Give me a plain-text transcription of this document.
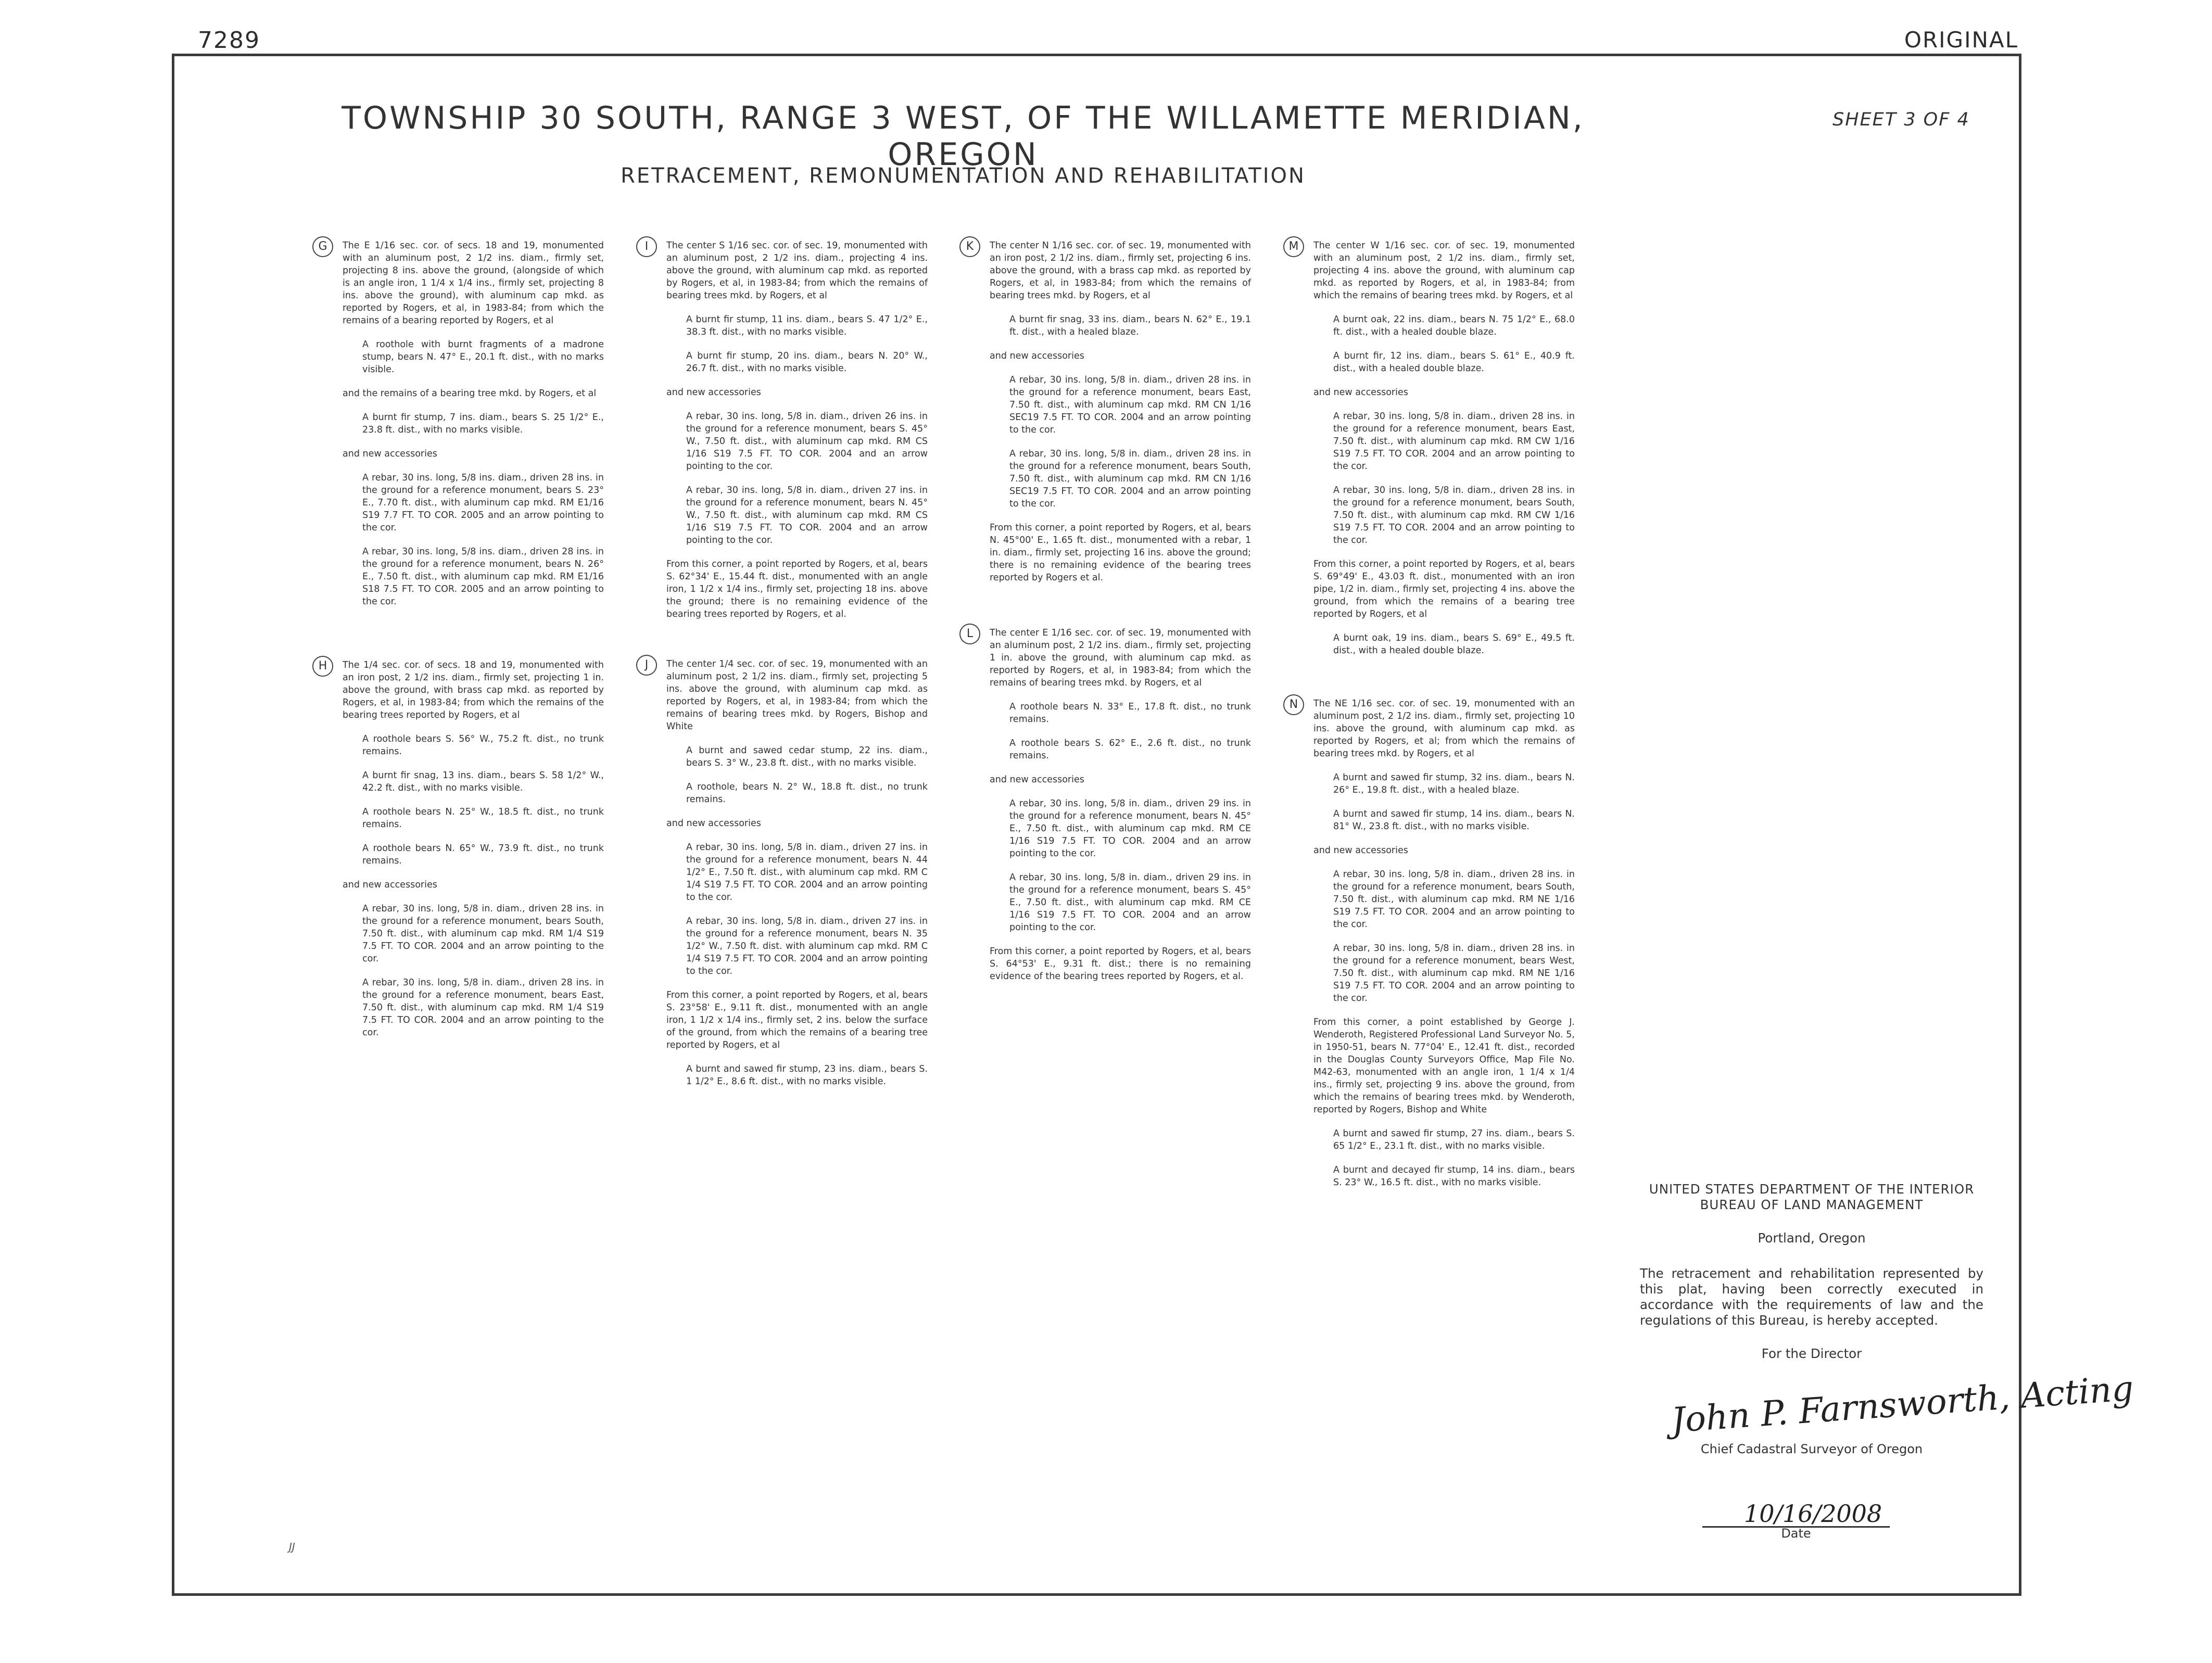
7289	ORIGINAL
TOWNSHIP 30 SOUTH, RANGE 3 WEST, OF THE WILLAMETTE MERIDIAN, OREGON
RETRACEMENT, REMONUMENTATION AND REHABILITATION
SHEET 3 OF 4
G	The E 1/16 sec. cor. of secs. 18 and 19, monumented with an aluminum post, 2 1/2 ins. diam., firmly set, projecting 8 ins. above the ground, (alongside of which is an angle iron, 1 1/4 x 1/4 ins., firmly set, projecting 8 ins. above the ground), with aluminum cap mkd. as reported by Rogers, et al, in 1983-84; from which the remains of a bearing reported by Rogers, et al

A roothole with burnt fragments of a madrone stump, bears N. 47° E., 20.1 ft. dist., with no marks visible.

and the remains of a bearing tree mkd. by Rogers, et al

A burnt fir stump, 7 ins. diam., bears S. 25 1/2° E., 23.8 ft. dist., with no marks visible.

and new accessories

A rebar, 30 ins. long, 5/8 ins. diam., driven 28 ins. in the ground for a reference monument, bears S. 23° E., 7.70 ft. dist., with aluminum cap mkd. RM E1/16 S19 7.7 FT. TO COR. 2005 and an arrow pointing to the cor.

A rebar, 30 ins. long, 5/8 ins. diam., driven 28 ins. in the ground for a reference monument, bears N. 26° E., 7.50 ft. dist., with aluminum cap mkd. RM E1/16 S18 7.5 FT. TO COR. 2005 and an arrow pointing to the cor.

H	The 1/4 sec. cor. of secs. 18 and 19, monumented with an iron post, 2 1/2 ins. diam., firmly set, projecting 1 in. above the ground, with brass cap mkd. as reported by Rogers, et al, in 1983-84; from which the remains of the bearing trees reported by Rogers, et al

A roothole bears S. 56° W., 75.2 ft. dist., no trunk remains.

A burnt fir snag, 13 ins. diam., bears S. 58 1/2° W., 42.2 ft. dist., with no marks visible.

A roothole bears N. 25° W., 18.5 ft. dist., no trunk remains.

A roothole bears N. 65° W., 73.9 ft. dist., no trunk remains.

and new accessories

A rebar, 30 ins. long, 5/8 in. diam., driven 28 ins. in the ground for a reference monument, bears South, 7.50 ft. dist., with aluminum cap mkd. RM 1/4 S19 7.5 FT. TO COR. 2004 and an arrow pointing to the cor.

A rebar, 30 ins. long, 5/8 in. diam., driven 28 ins. in the ground for a reference monument, bears East, 7.50 ft. dist., with aluminum cap mkd. RM 1/4 S19 7.5 FT. TO COR. 2004 and an arrow pointing to the cor.

I	The center S 1/16 sec. cor. of sec. 19, monumented with an aluminum post, 2 1/2 ins. diam., projecting 4 ins. above the ground, with aluminum cap mkd. as reported by Rogers, et al, in 1983-84; from which the remains of bearing trees mkd. by Rogers, et al

A burnt fir stump, 11 ins. diam., bears S. 47 1/2° E., 38.3 ft. dist., with no marks visible.

A burnt fir stump, 20 ins. diam., bears N. 20° W., 26.7 ft. dist., with no marks visible.

and new accessories

A rebar, 30 ins. long, 5/8 in. diam., driven 26 ins. in the ground for a reference monument, bears S. 45° W., 7.50 ft. dist., with aluminum cap mkd. RM CS 1/16 S19 7.5 FT. TO COR. 2004 and an arrow pointing to the cor.

A rebar, 30 ins. long, 5/8 in. diam., driven 27 ins. in the ground for a reference monument, bears N. 45° W., 7.50 ft. dist., with aluminum cap mkd. RM CS 1/16 S19 7.5 FT. TO COR. 2004 and an arrow pointing to the cor.

From this corner, a point reported by Rogers, et al, bears S. 62°34' E., 15.44 ft. dist., monumented with an angle iron, 1 1/2 x 1/4 ins., firmly set, projecting 18 ins. above the ground; there is no remaining evidence of the bearing trees reported by Rogers, et al.

J	The center 1/4 sec. cor. of sec. 19, monumented with an aluminum post, 2 1/2 ins. diam., firmly set, projecting 5 ins. above the ground, with aluminum cap mkd. as reported by Rogers, et al, in 1983-84; from which the remains of bearing trees mkd. by Rogers, Bishop and White

A burnt and sawed cedar stump, 22 ins. diam., bears S. 3° W., 23.8 ft. dist., with no marks visible.

A roothole, bears N. 2° W., 18.8 ft. dist., no trunk remains.

and new accessories

A rebar, 30 ins. long, 5/8 in. diam., driven 27 ins. in the ground for a reference monument, bears N. 44 1/2° E., 7.50 ft. dist., with aluminum cap mkd. RM C 1/4 S19 7.5 FT. TO COR. 2004 and an arrow pointing to the cor.

A rebar, 30 ins. long, 5/8 in. diam., driven 27 ins. in the ground for a reference monument, bears N. 35 1/2° W., 7.50 ft. dist. with aluminum cap mkd. RM C 1/4 S19 7.5 FT. TO COR. 2004 and an arrow pointing to the cor.

From this corner, a point reported by Rogers, et al, bears S. 23°58' E., 9.11 ft. dist., monumented with an angle iron, 1 1/2 x 1/4 ins., firmly set, 2 ins. below the surface of the ground, from which the remains of a bearing tree reported by Rogers, et al

A burnt and sawed fir stump, 23 ins. diam., bears S. 1 1/2° E., 8.6 ft. dist., with no marks visible.

K	The center N 1/16 sec. cor. of sec. 19, monumented with an iron post, 2 1/2 ins. diam., firmly set, projecting 6 ins. above the ground, with a brass cap mkd. as reported by Rogers, et al, in 1983-84; from which the remains of bearing trees mkd. by Rogers, et al

A burnt fir snag, 33 ins. diam., bears N. 62° E., 19.1 ft. dist., with a healed blaze.

and new accessories

A rebar, 30 ins. long, 5/8 in. diam., driven 28 ins. in the ground for a reference monument, bears East, 7.50 ft. dist., with aluminum cap mkd. RM CN 1/16 SEC19 7.5 FT. TO COR. 2004 and an arrow pointing to the cor.

A rebar, 30 ins. long, 5/8 in. diam., driven 28 ins. in the ground for a reference monument, bears South, 7.50 ft. dist., with aluminum cap mkd. RM CN 1/16 SEC19 7.5 FT. TO COR. 2004 and an arrow pointing to the cor.

From this corner, a point reported by Rogers, et al, bears N. 45°00' E., 1.65 ft. dist., monumented with a rebar, 1 in. diam., firmly set, projecting 16 ins. above the ground; there is no remaining evidence of the bearing trees reported by Rogers et al.

L	The center E 1/16 sec. cor. of sec. 19, monumented with an aluminum post, 2 1/2 ins. diam., firmly set, projecting 1 in. above the ground, with aluminum cap mkd. as reported by Rogers, et al, in 1983-84; from which the remains of bearing trees mkd. by Rogers, et al

A roothole bears N. 33° E., 17.8 ft. dist., no trunk remains.

A roothole bears S. 62° E., 2.6 ft. dist., no trunk remains.

and new accessories

A rebar, 30 ins. long, 5/8 in. diam., driven 29 ins. in the ground for a reference monument, bears N. 45° E., 7.50 ft. dist., with aluminum cap mkd. RM CE 1/16 S19 7.5 FT. TO COR. 2004 and an arrow pointing to the cor.

A rebar, 30 ins. long, 5/8 in. diam., driven 29 ins. in the ground for a reference monument, bears S. 45° E., 7.50 ft. dist., with aluminum cap mkd. RM CE 1/16 S19 7.5 FT. TO COR. 2004 and an arrow pointing to the cor.

From this corner, a point reported by Rogers, et al, bears S. 64°53' E., 9.31 ft. dist.; there is no remaining evidence of the bearing trees reported by Rogers, et al.

M	The center W 1/16 sec. cor. of sec. 19, monumented with an aluminum post, 2 1/2 ins. diam., firmly set, projecting 4 ins. above the ground, with aluminum cap mkd. as reported by Rogers, et al, in 1983-84; from which the remains of bearing trees mkd. by Rogers, et al

A burnt oak, 22 ins. diam., bears N. 75 1/2° E., 68.0 ft. dist., with a healed double blaze.

A burnt fir, 12 ins. diam., bears S. 61° E., 40.9 ft. dist., with a healed double blaze.

and new accessories

A rebar, 30 ins. long, 5/8 in. diam., driven 28 ins. in the ground for a reference monument, bears East, 7.50 ft. dist., with aluminum cap mkd. RM CW 1/16 S19 7.5 FT. TO COR. 2004 and an arrow pointing to the cor.

A rebar, 30 ins. long, 5/8 in. diam., driven 28 ins. in the ground for a reference monument, bears South, 7.50 ft. dist., with aluminum cap mkd. RM CW 1/16 S19 7.5 FT. TO COR. 2004 and an arrow pointing to the cor.

From this corner, a point reported by Rogers, et al, bears S. 69°49' E., 43.03 ft. dist., monumented with an iron pipe, 1/2 in. diam., firmly set, projecting 4 ins. above the ground, from which the remains of a bearing tree reported by Rogers, et al

A burnt oak, 19 ins. diam., bears S. 69° E., 49.5 ft. dist., with a healed double blaze.

N	The NE 1/16 sec. cor. of sec. 19, monumented with an aluminum post, 2 1/2 ins. diam., firmly set, projecting 10 ins. above the ground, with aluminum cap mkd. as reported by Rogers, et al; from which the remains of bearing trees mkd. by Rogers, et al

A burnt and sawed fir stump, 32 ins. diam., bears N. 26° E., 19.8 ft. dist., with a healed blaze.

A burnt and sawed fir stump, 14 ins. diam., bears N. 81° W., 23.8 ft. dist., with no marks visible.

and new accessories

A rebar, 30 ins. long, 5/8 in. diam., driven 28 ins. in the ground for a reference monument, bears South, 7.50 ft. dist., with aluminum cap mkd. RM NE 1/16 S19 7.5 FT. TO COR. 2004 and an arrow pointing to the cor.

A rebar, 30 ins. long, 5/8 in. diam., driven 28 ins. in the ground for a reference monument, bears West, 7.50 ft. dist., with aluminum cap mkd. RM NE 1/16 S19 7.5 FT. TO COR. 2004 and an arrow pointing to the cor.

From this corner, a point established by George J. Wenderoth, Registered Professional Land Surveyor No. 5, in 1950-51, bears N. 77°04' E., 12.41 ft. dist., recorded in the Douglas County Surveyors Office, Map File No. M42-63, monumented with an angle iron, 1 1/4 x 1/4 ins., firmly set, projecting 9 ins. above the ground, from which the remains of bearing trees mkd. by Wenderoth, reported by Rogers, Bishop and White

A burnt and sawed fir stump, 27 ins. diam., bears S. 65 1/2° E., 23.1 ft. dist., with no marks visible.

A burnt and decayed fir stump, 14 ins. diam., bears S. 23° W., 16.5 ft. dist., with no marks visible.	UNITED STATES DEPARTMENT OF THE INTERIOR
BUREAU OF LAND MANAGEMENT
Portland, Oregon
The retracement and rehabilitation represented by this plat, having been correctly executed in accordance with the requirements of law and the regulations of this Bureau, is hereby accepted.
For the Director
John P. Farnsworth, Acting
Chief Cadastral Surveyor of Oregon
10/16/2008
Date
JJ
